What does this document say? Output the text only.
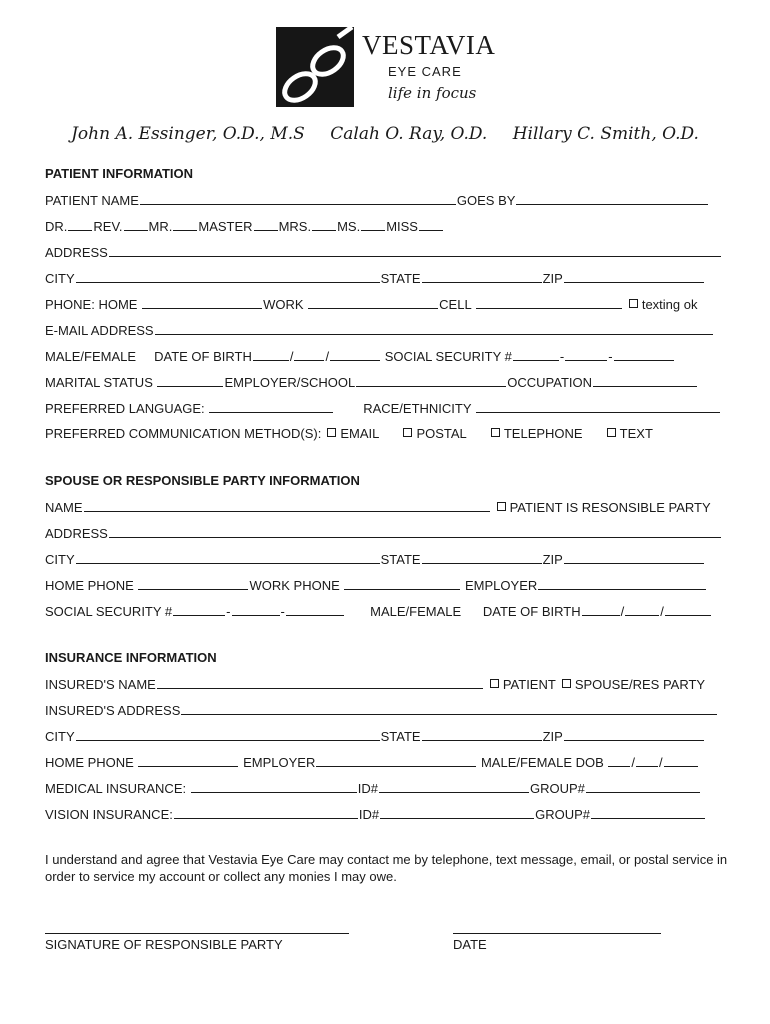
VESTAVIA
EYE CARE
life in focus
John A. Essinger, O.D., M.S Calah O. Ray, O.D. Hillary C. Smith, O.D.
PATIENT INFORMATION
PATIENT NAME	GOES BY
DR. REV. MR. MASTER MRS. MS. MISS
ADDRESS
CITY	STATE	ZIP
PHONE: HOME	WORK	CELL	texting ok
E-MAIL ADDRESS
MALE/FEMALE DATE OF BIRTH	/ /	SOCIAL SECURITY #	-	-
MARITAL STATUS	EMPLOYER/SCHOOL	OCCUPATION
PREFERRED LANGUAGE:	RACE/ETHNICITY
PREFERRED COMMUNICATION METHOD(S): EMAIL	POSTAL	TELEPHONE	TEXT
SPOUSE OR RESPONSIBLE PARTY INFORMATION
NAME	PATIENT IS RESONSIBLE PARTY
ADDRESS
CITY	STATE	ZIP
HOME PHONE	WORK PHONE	EMPLOYER
SOCIAL SECURITY #	-	-	MALE/FEMALE DATE OF BIRTH	/	/
INSURANCE INFORMATION
INSURED'S NAME	PATIENT SPOUSE/RES PARTY
INSURED'S ADDRESS
CITY	STATE	ZIP
HOME PHONE	EMPLOYER	MALE/FEMALE DOB / /
MEDICAL INSURANCE:	ID#	GROUP#
VISION INSURANCE:	ID#	GROUP#
I understand and agree that Vestavia Eye Care may contact me by telephone, text message, email, or postal service in order to service my account or collect any monies I may owe.
SIGNATURE OF RESPONSIBLE PARTY	DATE
